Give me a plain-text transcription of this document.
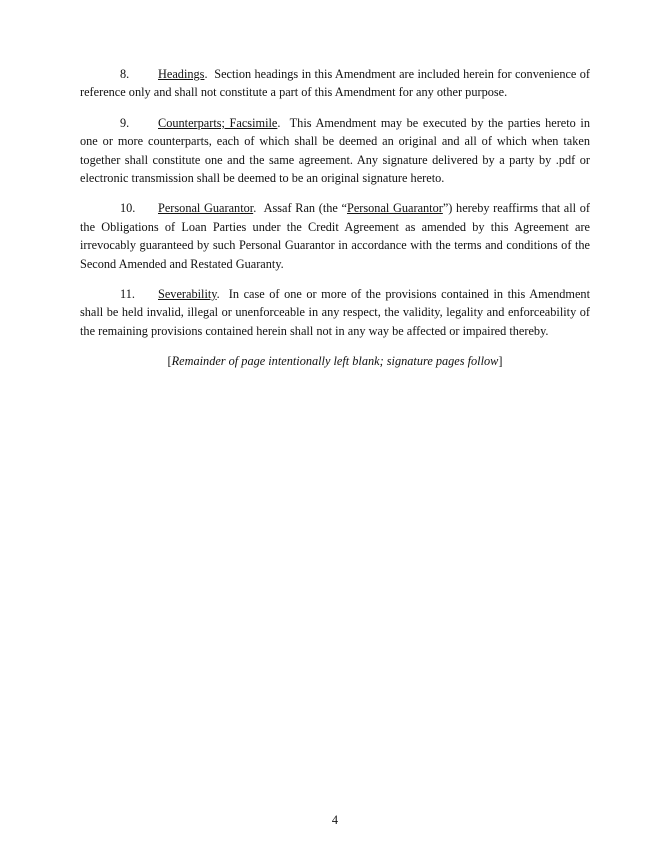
8. Headings.  Section headings in this Amendment are included herein for convenience of reference only and shall not constitute a part of this Amendment for any other purpose.

9. Counterparts; Facsimile.  This Amendment may be executed by the parties hereto in one or more counterparts, each of which shall be deemed an original and all of which when taken together shall constitute one and the same agreement. Any signature delivered by a party by .pdf or electronic transmission shall be deemed to be an original signature hereto.

10. Personal Guarantor.  Assaf Ran (the “Personal Guarantor”) hereby reaffirms that all of the Obligations of Loan Parties under the Credit Agreement as amended by this Agreement are irrevocably guaranteed by such Personal Guarantor in accordance with the terms and conditions of the Second Amended and Restated Guaranty.

11. Severability.  In case of one or more of the provisions contained in this Amendment shall be held invalid, illegal or unenforceable in any respect, the validity, legality and enforceability of the remaining provisions contained herein shall not in any way be affected or impaired thereby.

[Remainder of page intentionally left blank; signature pages follow]

4
